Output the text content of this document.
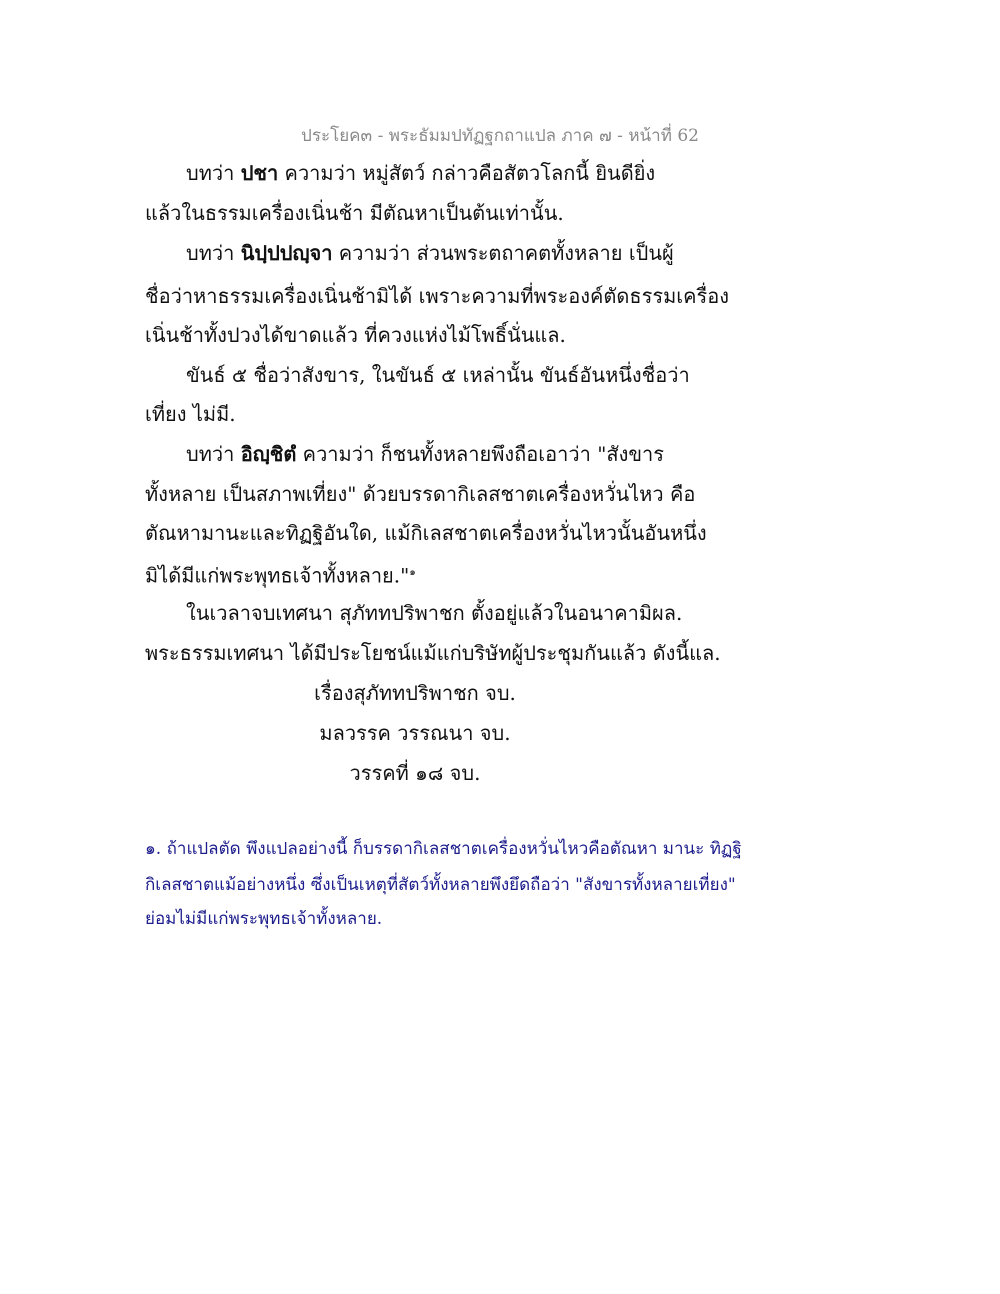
ประโยค๓ - พระธัมมปทัฏฐกถาแปล ภาค ๗ - หน้าที่ 62
บทว่า ปชา ความว่า หมู่สัตว์ กล่าวคือสัตวโลกนี้ ยินดียิ่ง
แล้วในธรรมเครื่องเนิ่นช้า มีตัณหาเป็นต้นเท่านั้น.
บทว่า นิปฺปปญฺจา ความว่า ส่วนพระตถาคตทั้งหลาย เป็นผู้
ชื่อว่าหาธรรมเครื่องเนิ่นช้ามิได้ เพราะความที่พระองค์ตัดธรรมเครื่อง
เนิ่นช้าทั้งปวงได้ขาดแล้ว ที่ควงแห่งไม้โพธิ์นั่นแล.
ขันธ์ ๕ ชื่อว่าสังขาร, ในขันธ์ ๕ เหล่านั้น ขันธ์อันหนึ่งชื่อว่า
เที่ยง ไม่มี.
บทว่า อิญฺชิตํ ความว่า ก็ชนทั้งหลายพึงถือเอาว่า "สังขาร
ทั้งหลาย เป็นสภาพเที่ยง" ด้วยบรรดากิเลสชาตเครื่องหวั่นไหว คือ
ตัณหามานะและทิฏฐิอันใด, แม้กิเลสชาตเครื่องหวั่นไหวนั้นอันหนึ่ง
มิได้มีแก่พระพุทธเจ้าทั้งหลาย."$^๑$
ในเวลาจบเทศนา สุภัททปริพาชก ตั้งอยู่แล้วในอนาคามิผล.
พระธรรมเทศนา ได้มีประโยชน์แม้แก่บริษัทผู้ประชุมกันแล้ว ดังนี้แล.
เรื่องสุภัททปริพาชก จบ.
มลวรรค วรรณนา จบ.
วรรคที่ ๑๘ จบ.
๑. ถ้าแปลตัด พึงแปลอย่างนี้ ก็บรรดากิเลสชาตเครื่องหวั่นไหวคือตัณหา มานะ ทิฏฐิ
กิเลสชาตแม้อย่างหนึ่ง ซึ่งเป็นเหตุที่สัตว์ทั้งหลายพึงยึดถือว่า "สังขารทั้งหลายเที่ยง"
ย่อมไม่มีแก่พระพุทธเจ้าทั้งหลาย.
